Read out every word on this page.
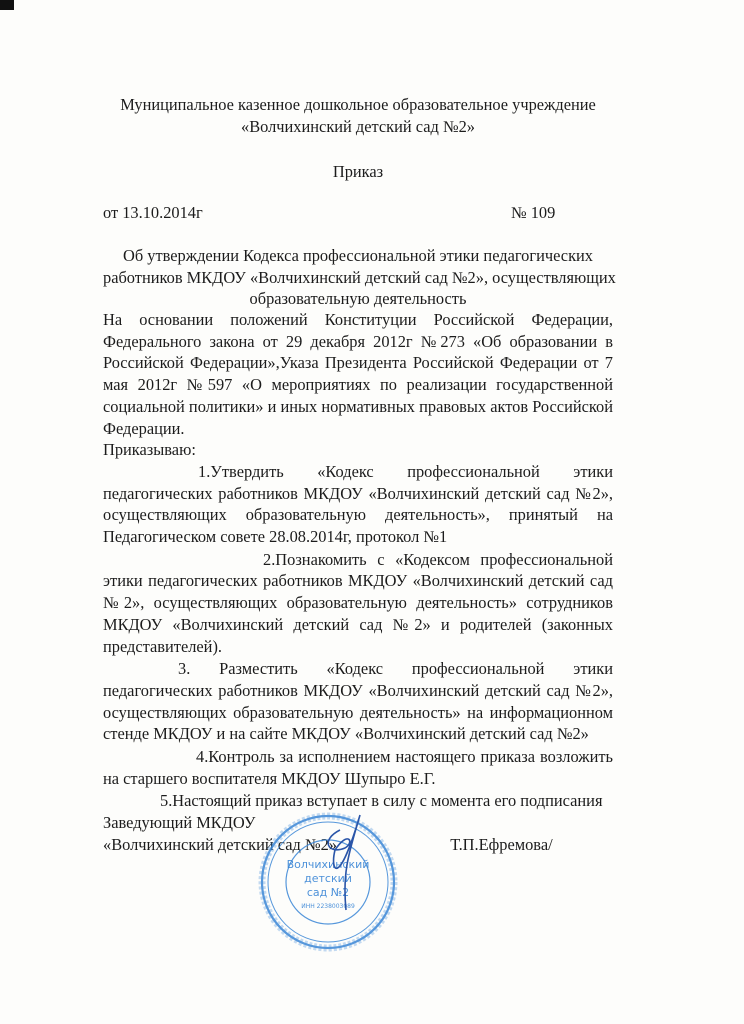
Муниципальное казенное дошкольное образовательное учреждение
«Волчихинский детский сад №2»
Приказ
от 13.10.2014г	№ 109
Об утверждении Кодекса профессиональной этики педагогических
работников МКДОУ «Волчихинский детский сад №2», осуществляющих
образовательную деятельность

На основании положений Конституции Российской Федерации, Федерального закона от 29 декабря 2012г №273 «Об образовании в Российской Федерации»,Указа Президента Российской Федерации от 7 мая 2012г №597 «О мероприятиях по реализации государственной социальной политики» и иных нормативных правовых актов Российской Федерации.

Приказываю:

1.Утвердить «Кодекс профессиональной этики педагогических работников МКДОУ «Волчихинский детский сад №2», осуществляющих образовательную деятельность», принятый на Педагогическом совете 28.08.2014г, протокол №1

2.Познакомить с «Кодексом профессиональной этики педагогических работников МКДОУ «Волчихинский детский сад №2», осуществляющих образовательную деятельность» сотрудников МКДОУ «Волчихинский детский сад №2» и родителей (законных представителей).

3. Разместить «Кодекс профессиональной этики педагогических работников МКДОУ «Волчихинский детский сад №2», осуществляющих образовательную деятельность» на информационном стенде МКДОУ и на сайте МКДОУ «Волчихинский детский сад №2»

4.Контроль за исполнением настоящего приказа возложить на старшего воспитателя МКДОУ Шупыро Е.Г.

5.Настоящий приказ вступает в силу с момента его подписания

Заведующий МКДОУ
«Волчихинский детский сад №2»	Т.П.Ефремова/
Волчихинский
детский
сад №2
ИНН 2238003089
